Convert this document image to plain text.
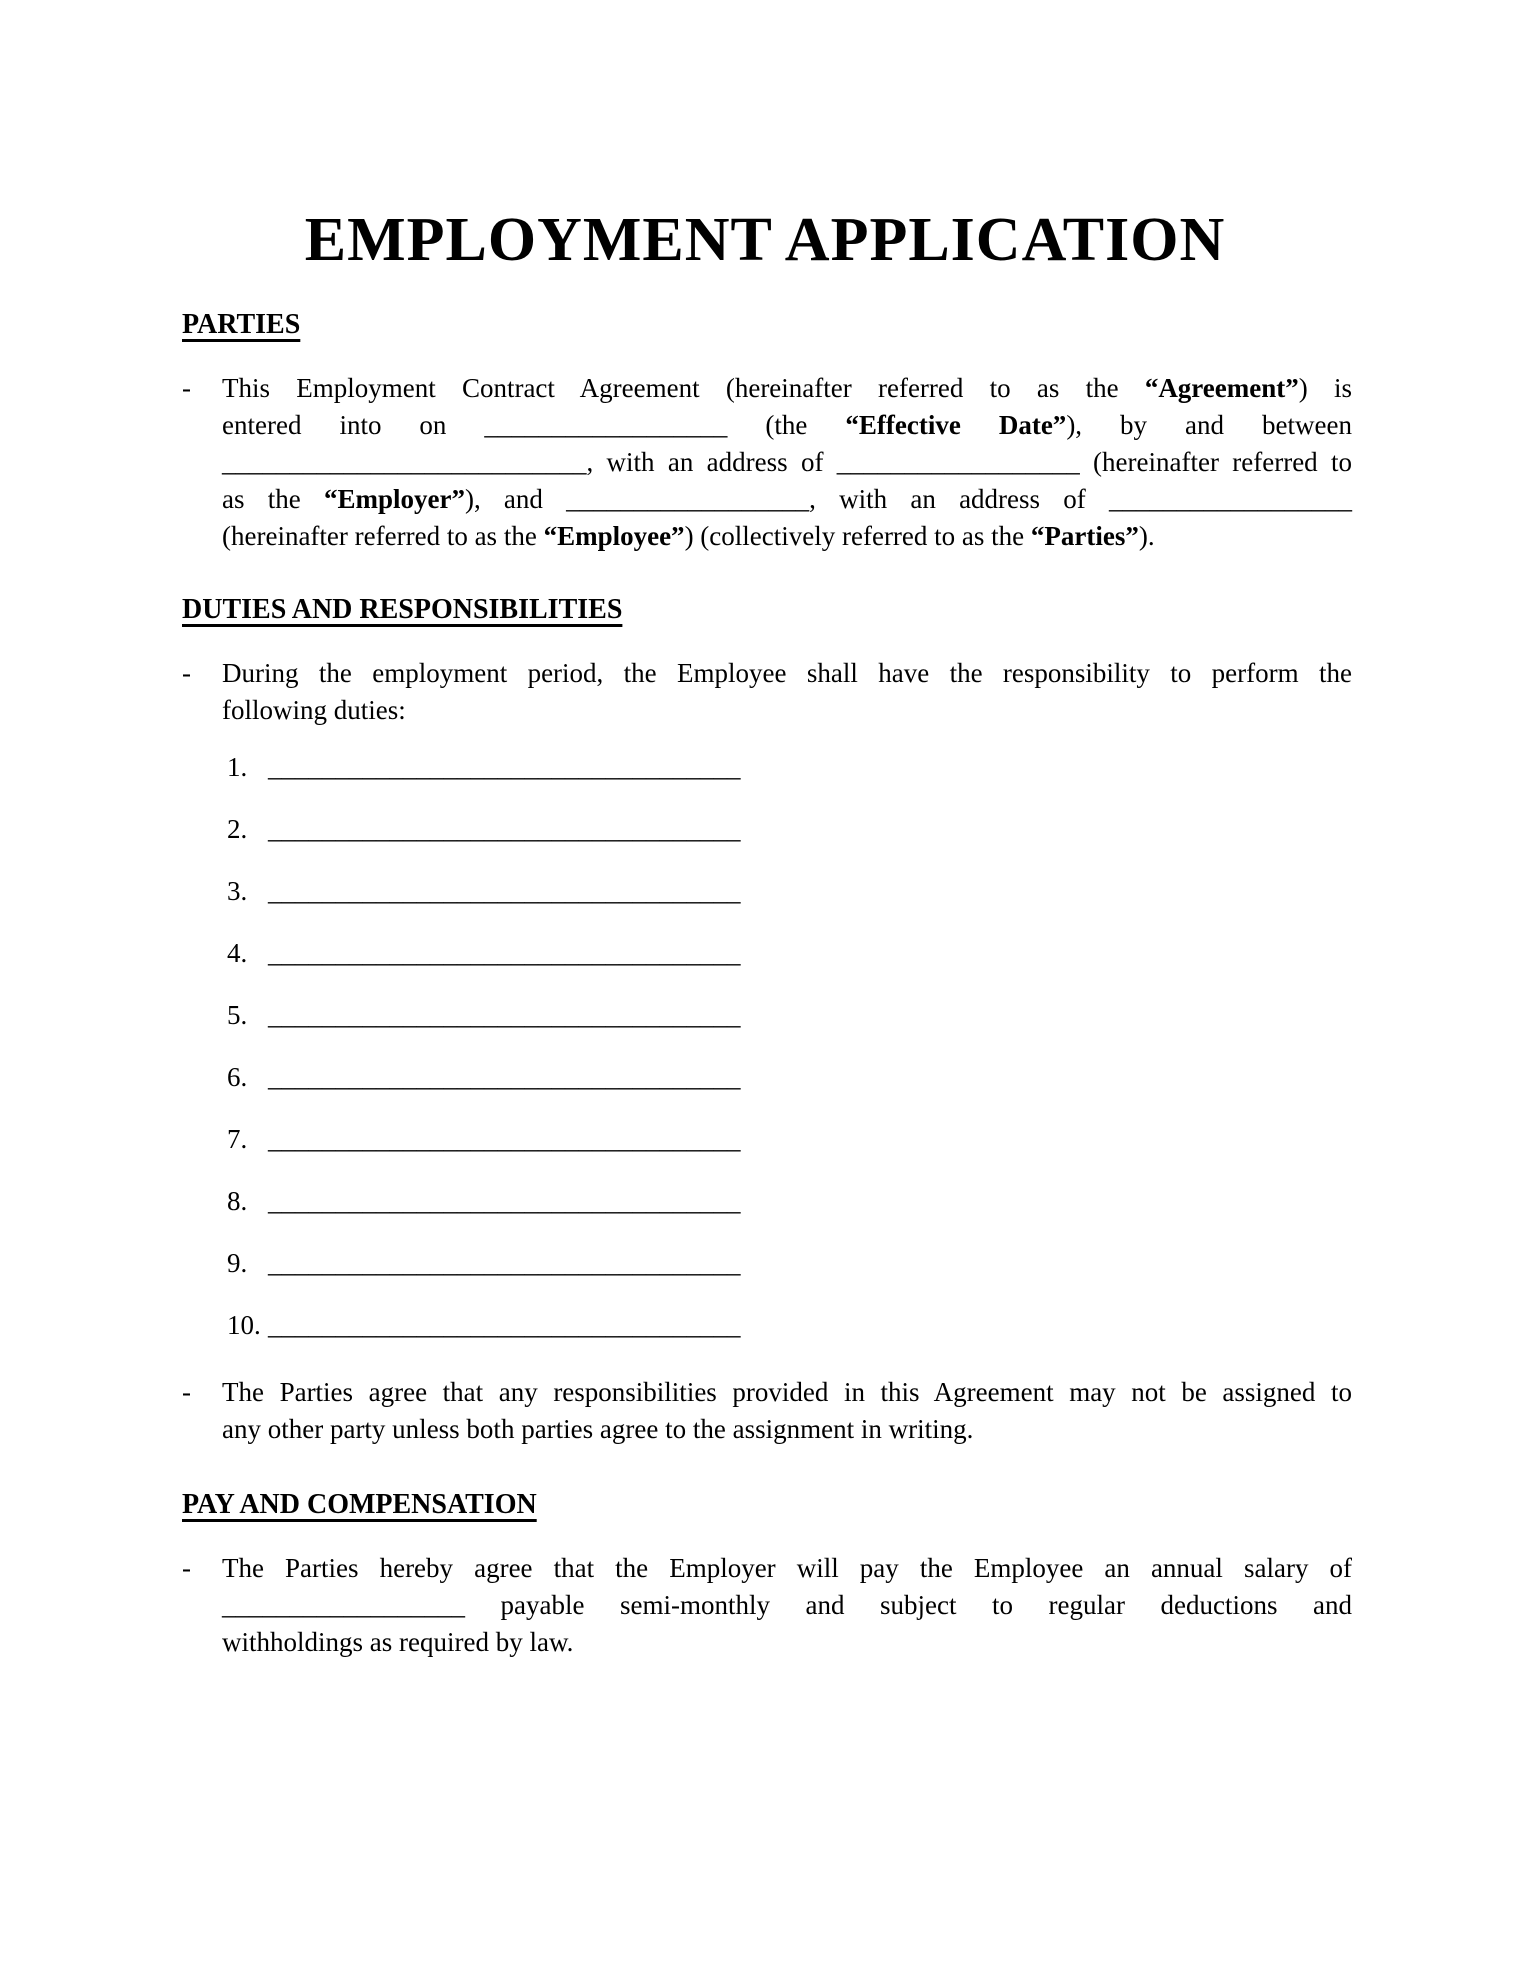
EMPLOYMENT APPLICATION
PARTIES
- This Employment Contract Agreement (hereinafter referred to as the “Agreement”) is
entered into on __________________ (the “Effective Date”), by and between
___________________________, with an address of __________________ (hereinafter referred to
as the “Employer”), and __________________, with an address of __________________
(hereinafter referred to as the “Employee”) (collectively referred to as the “Parties”).
DUTIES AND RESPONSIBILITIES
- During the employment period, the Employee shall have the responsibility to perform the
following duties:
1. ___________________________________
2. ___________________________________
3. ___________________________________
4. ___________________________________
5. ___________________________________
6. ___________________________________
7. ___________________________________
8. ___________________________________
9. ___________________________________
10. ___________________________________
- The Parties agree that any responsibilities provided in this Agreement may not be assigned to
any other party unless both parties agree to the assignment in writing.
PAY AND COMPENSATION
- The Parties hereby agree that the Employer will pay the Employee an annual salary of
__________________ payable semi-monthly and subject to regular deductions and
withholdings as required by law.
